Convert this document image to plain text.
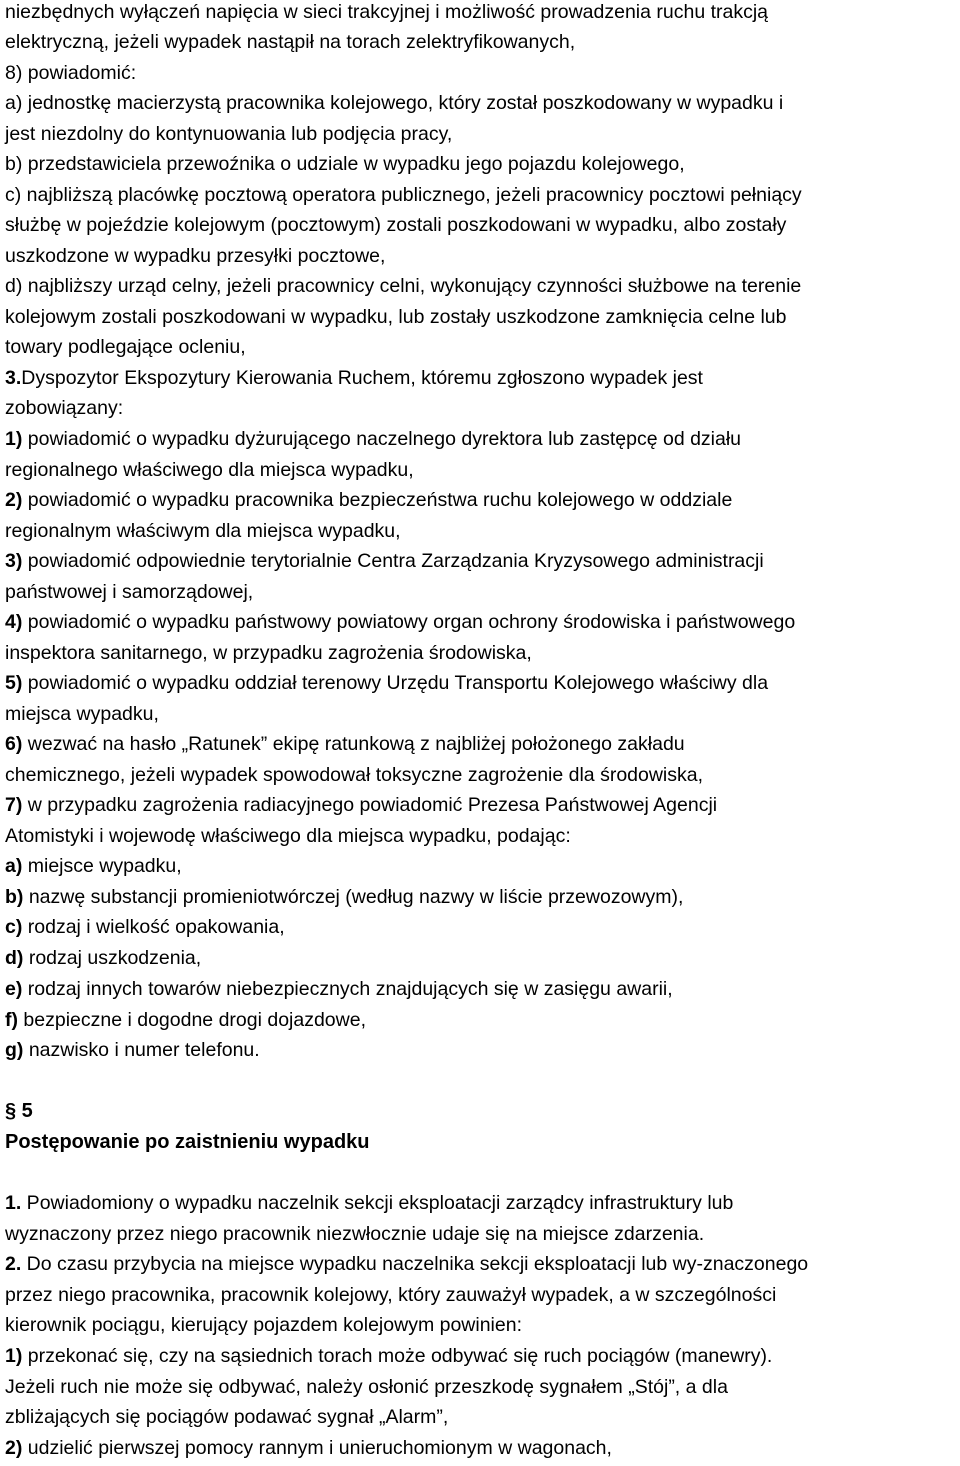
niezbędnych wyłączeń napięcia w sieci trakcyjnej i możliwość prowadzenia ruchu trakcją
elektryczną, jeżeli wypadek nastąpił na torach zelektryfikowanych,
8) powiadomić:
a) jednostkę macierzystą pracownika kolejowego, który został poszkodowany w wypadku i
jest niezdolny do kontynuowania lub podjęcia pracy,
b) przedstawiciela przewoźnika o udziale w wypadku jego pojazdu kolejowego,
c) najbliższą placówkę pocztową operatora publicznego, jeżeli pracownicy pocztowi pełniący
służbę w pojeździe kolejowym (pocztowym) zostali poszkodowani w wypadku, albo zostały
uszkodzone w wypadku przesyłki pocztowe,
d) najbliższy urząd celny, jeżeli pracownicy celni, wykonujący czynności służbowe na terenie
kolejowym zostali poszkodowani w wypadku, lub zostały uszkodzone zamknięcia celne lub
towary podlegające ocleniu,
3.Dyspozytor Ekspozytury Kierowania Ruchem, któremu zgłoszono wypadek jest
zobowiązany:
1) powiadomić o wypadku dyżurującego naczelnego dyrektora lub zastępcę od działu
regionalnego właściwego dla miejsca wypadku,
2) powiadomić o wypadku pracownika bezpieczeństwa ruchu kolejowego w oddziale
regionalnym właściwym dla miejsca wypadku,
3) powiadomić odpowiednie terytorialnie Centra Zarządzania Kryzysowego administracji
państwowej i samorządowej,
4) powiadomić o wypadku państwowy powiatowy organ ochrony środowiska i państwowego
inspektora sanitarnego, w przypadku zagrożenia środowiska,
5) powiadomić o wypadku oddział terenowy Urzędu Transportu Kolejowego właściwy dla
miejsca wypadku,
6) wezwać na hasło „Ratunek” ekipę ratunkową z najbliżej położonego zakładu
chemicznego, jeżeli wypadek spowodował toksyczne zagrożenie dla środowiska,
7) w przypadku zagrożenia radiacyjnego powiadomić Prezesa Państwowej Agencji
Atomistyki i wojewodę właściwego dla miejsca wypadku, podając:
a) miejsce wypadku,
b) nazwę substancji promieniotwórczej (według nazwy w liście przewozowym),
c) rodzaj i wielkość opakowania,
d) rodzaj uszkodzenia,
e) rodzaj innych towarów niebezpiecznych znajdujących się w zasięgu awarii,
f) bezpieczne i dogodne drogi dojazdowe,
g) nazwisko i numer telefonu.
§ 5
Postępowanie po zaistnieniu wypadku
1. Powiadomiony o wypadku naczelnik sekcji eksploatacji zarządcy infrastruktury lub
wyznaczony przez niego pracownik niezwłocznie udaje się na miejsce zdarzenia.
2. Do czasu przybycia na miejsce wypadku naczelnika sekcji eksploatacji lub wy-znaczonego
przez niego pracownika, pracownik kolejowy, który zauważył wypadek, a w szczególności
kierownik pociągu, kierujący pojazdem kolejowym powinien:
1) przekonać się, czy na sąsiednich torach może odbywać się ruch pociągów (manewry).
Jeżeli ruch nie może się odbywać, należy osłonić przeszkodę sygnałem „Stój”, a dla
zbliżających się pociągów podawać sygnał „Alarm”,
2) udzielić pierwszej pomocy rannym i unieruchomionym w wagonach,
